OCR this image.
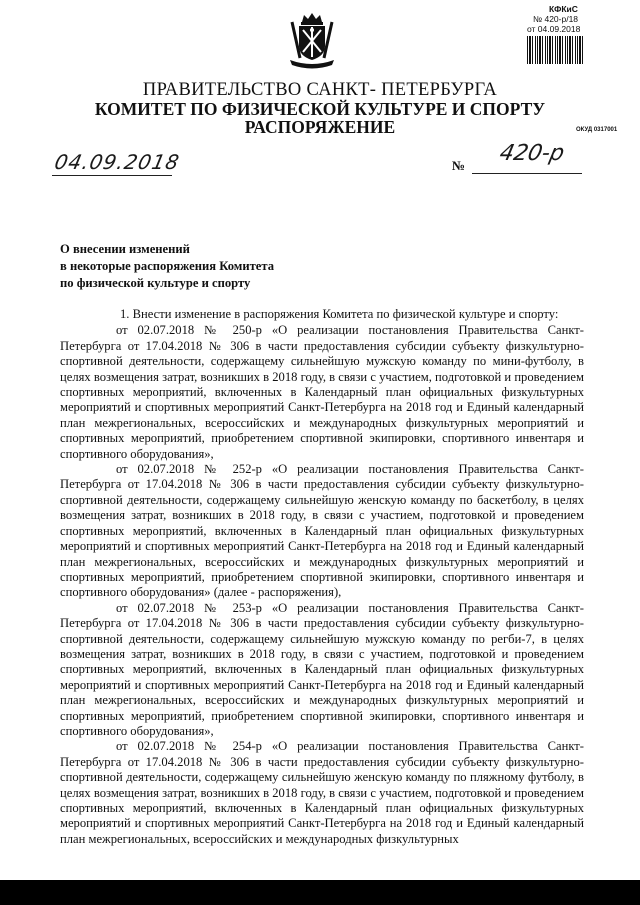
КФКиС
№ 420-р/18
от 04.09.2018
ПРАВИТЕЛЬСТВО САНКТ- ПЕТЕРБУРГА
КОМИТЕТ ПО ФИЗИЧЕСКОЙ КУЛЬТУРЕ И СПОРТУ
РАСПОРЯЖЕНИЕ	ОКУД 0317001
04.09.2018	№ 420-р
О внесении изменений
в некоторые распоряжения Комитета
по физической культуре и спорту

1. Внести изменение в распоряжения Комитета по физической культуре и спорту:

от 02.07.2018 № 250-р «О реализации постановления Правительства Санкт-Петербурга от 17.04.2018 № 306 в части предоставления субсидии субъекту физкультурно-спортивной деятельности, содержащему сильнейшую мужскую команду по мини-футболу, в целях возмещения затрат, возникших в 2018 году, в связи с участием, подготовкой и проведением спортивных мероприятий, включенных в Календарный план официальных физкультурных мероприятий и спортивных мероприятий Санкт-Петербурга на 2018 год и Единый календарный план межрегиональных, всероссийских и международных физкультурных мероприятий и спортивных мероприятий, приобретением спортивной экипировки, спортивного инвентаря и спортивного оборудования»,

от 02.07.2018 № 252-р «О реализации постановления Правительства Санкт-Петербурга от 17.04.2018 № 306 в части предоставления субсидии субъекту физкультурно-спортивной деятельности, содержащему сильнейшую женскую команду по баскетболу, в целях возмещения затрат, возникших в 2018 году, в связи с участием, подготовкой и проведением спортивных мероприятий, включенных в Календарный план официальных физкультурных мероприятий и спортивных мероприятий Санкт-Петербурга на 2018 год и Единый календарный план межрегиональных, всероссийских и международных физкультурных мероприятий и спортивных мероприятий, приобретением спортивной экипировки, спортивного инвентаря и спортивного оборудования» (далее - распоряжения),

от 02.07.2018 № 253-р «О реализации постановления Правительства Санкт-Петербурга от 17.04.2018 № 306 в части предоставления субсидии субъекту физкультурно-спортивной деятельности, содержащему сильнейшую мужскую команду по регби-7, в целях возмещения затрат, возникших в 2018 году, в связи с участием, подготовкой и проведением спортивных мероприятий, включенных в Календарный план официальных физкультурных мероприятий и спортивных мероприятий Санкт-Петербурга на 2018 год и Единый календарный план межрегиональных, всероссийских и международных физкультурных мероприятий и спортивных мероприятий, приобретением спортивной экипировки, спортивного инвентаря и спортивного оборудования»,

от 02.07.2018 № 254-р «О реализации постановления Правительства Санкт-Петербурга от 17.04.2018 № 306 в части предоставления субсидии субъекту физкультурно-спортивной деятельности, содержащему сильнейшую женскую команду по пляжному футболу, в целях возмещения затрат, возникших в 2018 году, в связи с участием, подготовкой и проведением спортивных мероприятий, включенных в Календарный план официальных физкультурных мероприятий и спортивных мероприятий Санкт-Петербурга на 2018 год и Единый календарный план межрегиональных, всероссийских и международных физкультурных
